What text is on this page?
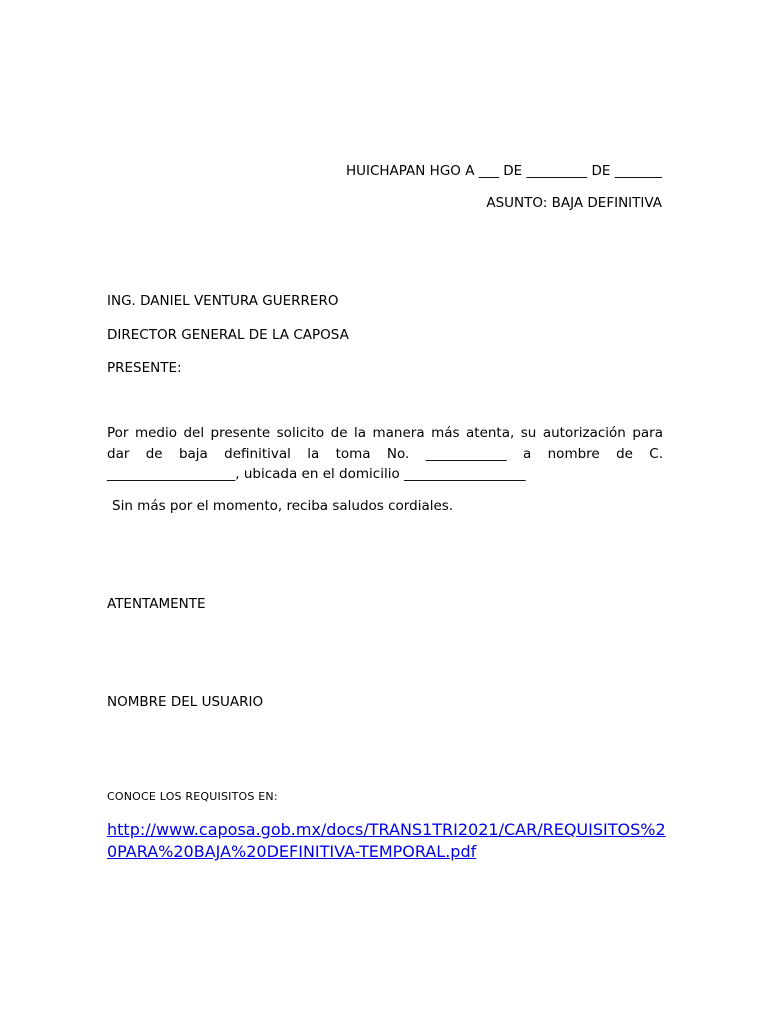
HUICHAPAN HGO A ___ DE _________ DE _______
ASUNTO: BAJA DEFINITIVA
ING. DANIEL VENTURA GUERRERO
DIRECTOR GENERAL DE LA CAPOSA
PRESENTE:
Por medio del presente solicito de la manera más atenta, su autorización para
dar de baja definitival la toma No. ____________ a nombre de C.
___________________, ubicada en el domicilio __________________
Sin más por el momento, reciba saludos cordiales.
ATENTAMENTE
NOMBRE DEL USUARIO
CONOCE LOS REQUISITOS EN:
http://www.caposa.gob.mx/docs/TRANS1TRI2021/CAR/REQUISITOS%2
0PARA%20BAJA%20DEFINITIVA-TEMPORAL.pdf
